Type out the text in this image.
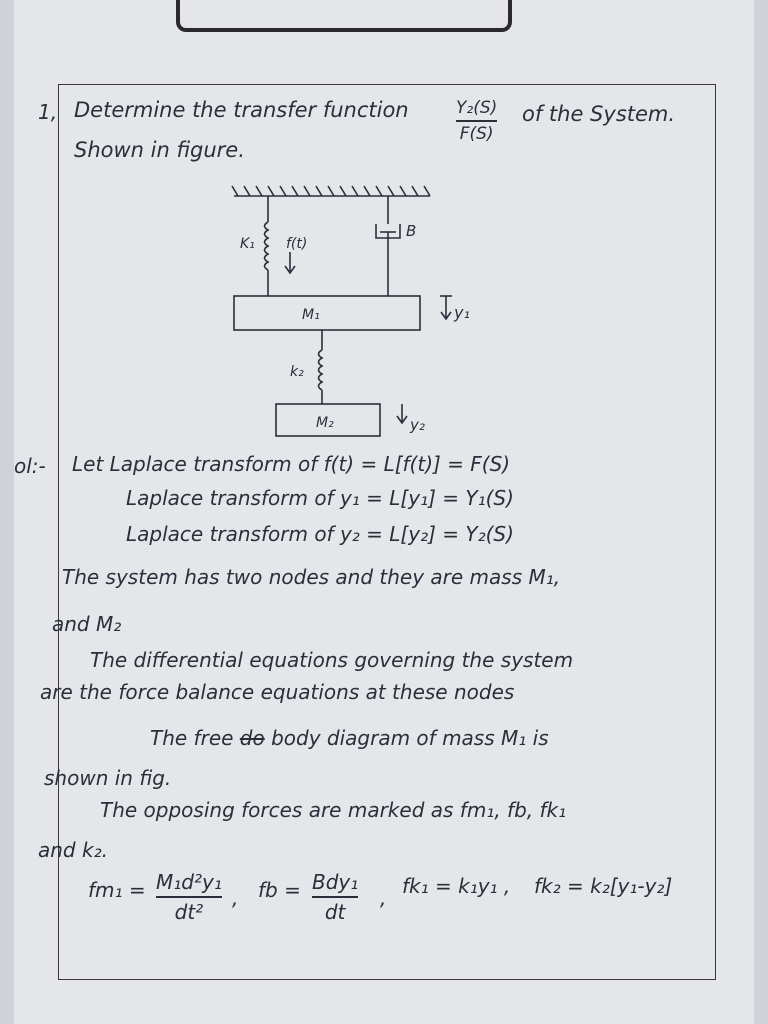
1, Determine the transfer function	Y₂(S)
F(S)
of the System.
Shown in figure.
K₁ f(t)
B
M₁	y₁
k₂
M₂	y₂
ol:- Let Laplace transform of f(t) = L[f(t)] = F(S)
Laplace transform of y₁ = L[y₁] = Y₁(S)
Laplace transform of y₂ = L[y₂] = Y₂(S)
The system has two nodes and they are mass M₁,
and M₂
The differential equations governing the system
are the force balance equations at these nodes
The free do body diagram of mass M₁ is
shown in fig.
The opposing forces are marked as fm₁, fb, fk₁
and k₂.
fm₁ = M₁d²y₁
dt²
, fb = Bdy₁
dt
, fk₁ = k₁y₁ , fk₂ = k₂[y₁-y₂]
